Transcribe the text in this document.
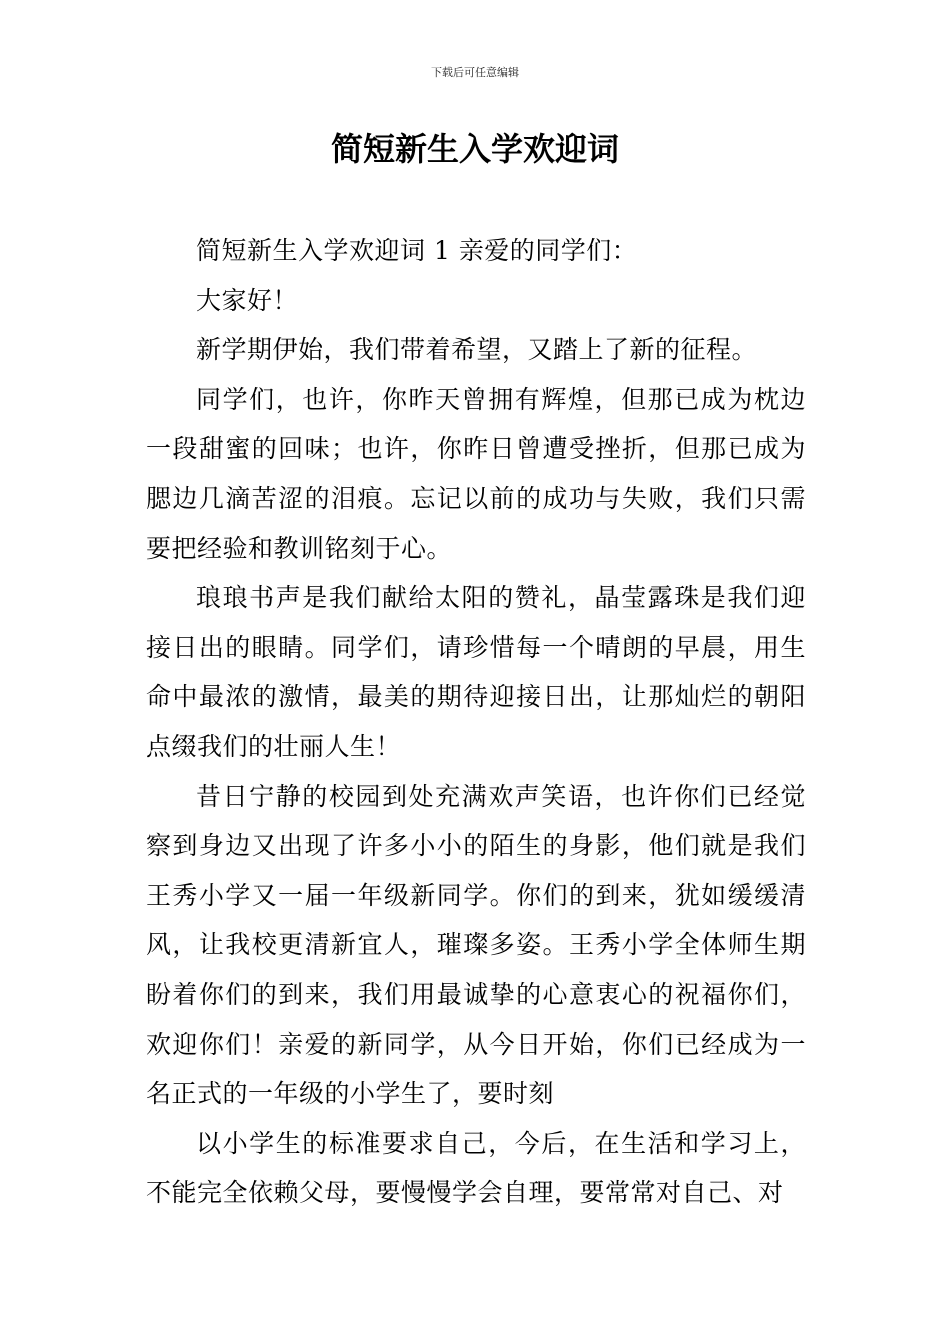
下载后可任意编辑
简短新生入学欢迎词

简短新生入学欢迎词 1 亲爱的同学们：

大家好！

新学期伊始，我们带着希望，又踏上了新的征程。

同学们，也许，你昨天曾拥有辉煌，但那已成为枕边一段甜蜜的回味；也许，你昨日曾遭受挫折，但那已成为腮边几滴苦涩的泪痕。忘记以前的成功与失败，我们只需要把经验和教训铭刻于心。

琅琅书声是我们献给太阳的赞礼，晶莹露珠是我们迎接日出的眼睛。同学们，请珍惜每一个晴朗的早晨，用生命中最浓的激情，最美的期待迎接日出，让那灿烂的朝阳点缀我们的壮丽人生！

昔日宁静的校园到处充满欢声笑语，也许你们已经觉察到身边又出现了许多小小的陌生的身影，他们就是我们王秀小学又一届一年级新同学。你们的到来，犹如缓缓清风，让我校更清新宜人，璀璨多姿。王秀小学全体师生期盼着你们的到来，我们用最诚挚的心意衷心的祝福你们，欢迎你们！亲爱的新同学，从今日开始，你们已经成为一名正式的一年级的小学生了，要时刻

以小学生的标准要求自己，今后，在生活和学习上，不能完全依赖父母，要慢慢学会自理，要常常对自己、对
